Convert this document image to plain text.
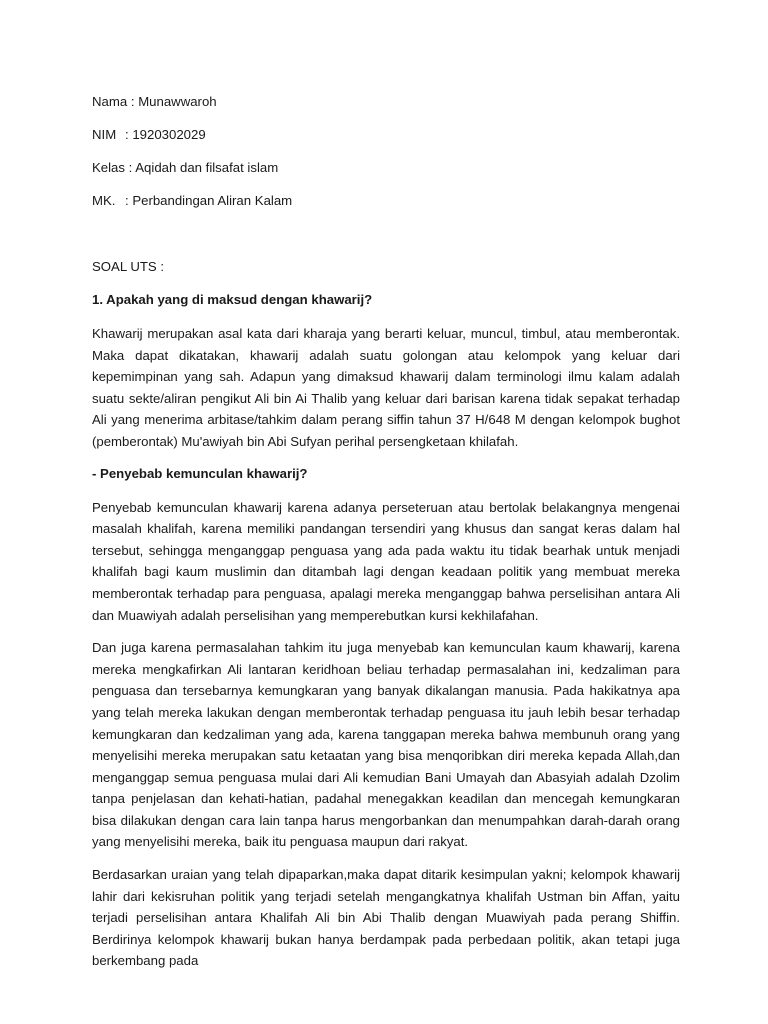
Nama : Munawwaroh
NIM : 1920302029
Kelas : Aqidah dan filsafat islam
MK. : Perbandingan Aliran Kalam
SOAL UTS :
1. Apakah yang di maksud dengan khawarij?

Khawarij merupakan asal kata dari kharaja yang berarti keluar, muncul, timbul, atau memberontak. Maka dapat dikatakan, khawarij adalah suatu golongan atau kelompok yang keluar dari kepemimpinan yang sah. Adapun yang dimaksud khawarij dalam terminologi ilmu kalam adalah suatu sekte/aliran pengikut Ali bin Ai Thalib yang keluar dari barisan karena tidak sepakat terhadap Ali yang menerima arbitase/tahkim dalam perang siffin tahun 37 H/648 M dengan kelompok bughot (pemberontak) Mu'awiyah bin Abi Sufyan perihal persengketaan khilafah.

- Penyebab kemunculan khawarij?

Penyebab kemunculan khawarij karena adanya perseteruan atau bertolak belakangnya mengenai masalah khalifah, karena memiliki pandangan tersendiri yang khusus dan sangat keras dalam hal tersebut, sehingga menganggap penguasa yang ada pada waktu itu tidak bearhak untuk menjadi khalifah bagi kaum muslimin dan ditambah lagi dengan keadaan politik yang membuat mereka memberontak terhadap para penguasa, apalagi mereka menganggap bahwa perselisihan antara Ali dan Muawiyah adalah perselisihan yang memperebutkan kursi kekhilafahan.

Dan juga karena permasalahan tahkim itu juga menyebab kan kemunculan kaum khawarij, karena mereka mengkafirkan Ali lantaran keridhoan beliau terhadap permasalahan ini, kedzaliman para penguasa dan tersebarnya kemungkaran yang banyak dikalangan manusia. Pada hakikatnya apa yang telah mereka lakukan dengan memberontak terhadap penguasa itu jauh lebih besar terhadap kemungkaran dan kedzaliman yang ada, karena tanggapan mereka bahwa membunuh orang yang menyelisihi mereka merupakan satu ketaatan yang bisa menqoribkan diri mereka kepada Allah,dan menganggap semua penguasa mulai dari Ali kemudian Bani Umayah dan Abasyiah adalah Dzolim tanpa penjelasan dan kehati-hatian, padahal menegakkan keadilan dan mencegah kemungkaran bisa dilakukan dengan cara lain tanpa harus mengorbankan dan menumpahkan darah-darah orang yang menyelisihi mereka, baik itu penguasa maupun dari rakyat.

Berdasarkan uraian yang telah dipaparkan,maka dapat ditarik kesimpulan yakni; kelompok khawarij lahir dari kekisruhan politik yang terjadi setelah mengangkatnya khalifah Ustman bin Affan, yaitu terjadi perselisihan antara Khalifah Ali bin Abi Thalib dengan Muawiyah pada perang Shiffin. Berdirinya kelompok khawarij bukan hanya berdampak pada perbedaan politik, akan tetapi juga berkembang pada
